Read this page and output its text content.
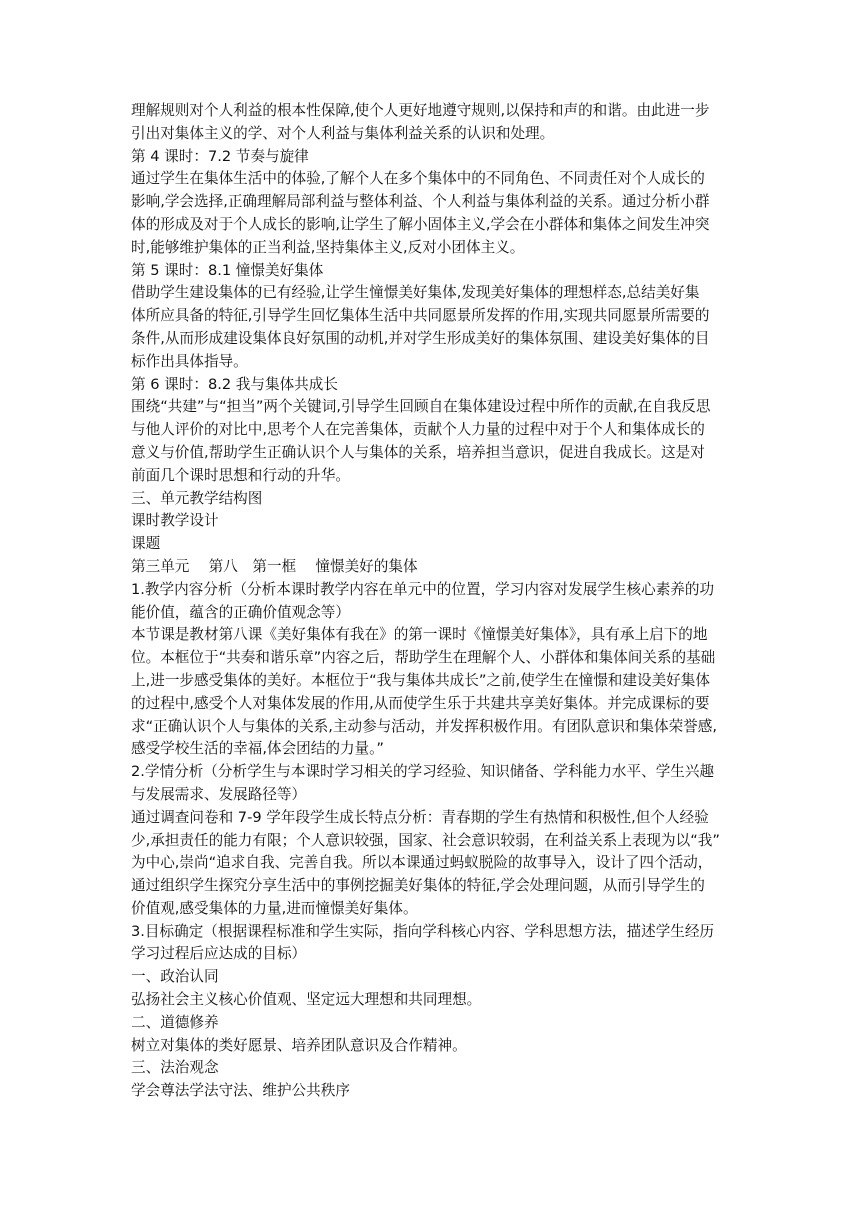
理解规则对个人利益的根本性保障,使个人更好地遵守规则,以保持和声的和谐。由此进一步
引出对集体主义的学、对个人利益与集体利益关系的认识和处理。
第 4 课时：7.2 节奏与旋律
通过学生在集体生活中的体验,了解个人在多个集体中的不同角色、不同责任对个人成长的
影响,学会选择,正确理解局部利益与整体利益、个人利益与集体利益的关系。通过分析小群
体的形成及对于个人成长的影响,让学生了解小固体主义,学会在小群体和集体之间发生冲突
时,能够维护集体的正当利益,坚持集体主义,反对小团体主义。
第 5 课时：8.1 憧憬美好集体
借助学生建设集体的已有经验,让学生憧憬美好集体,发现美好集体的理想样态,总结美好集
体所应具备的特征,引导学生回忆集体生活中共同愿景所发挥的作用,实现共同愿景所需要的
条件,从而形成建设集体良好氛围的动机,并对学生形成美好的集体氛围、建设美好集体的目
标作出具体指导。
第 6 课时：8.2 我与集体共成长
围绕“共建”与“担当”两个关键词,引导学生回顾自在集体建设过程中所作的贡献,在自我反思
与他人评价的对比中,思考个人在完善集体，贡献个人力量的过程中对于个人和集体成长的
意义与价值,帮助学生正确认识个人与集体的关系，培养担当意识，促进自我成长。这是对
前面几个课时思想和行动的升华。
三、单元教学结构图
课时教学设计
课题
第三单元　 第八　第一框　 憧憬美好的集体
1.教学内容分析（分析本课时教学内容在单元中的位置，学习内容对发展学生核心素养的功
能价值，蕴含的正确价值观念等）
本节课是教材第八课《美好集体有我在》的第一课时《憧憬美好集体》，具有承上启下的地
位。本框位于“共奏和谐乐章”内容之后，帮助学生在理解个人、小群体和集体间关系的基础
上,进一步感受集体的美好。本框位于“我与集体共成长”之前,使学生在憧憬和建设美好集体
的过程中,感受个人对集体发展的作用,从而使学生乐于共建共享美好集体。并完成课标的要
求“正确认识个人与集体的关系,主动参与活动，并发挥积极作用。有团队意识和集体荣誉感,
感受学校生活的幸福,体会团结的力量。”
2.学情分析（分析学生与本课时学习相关的学习经验、知识储备、学科能力水平、学生兴趣
与发展需求、发展路径等）
通过调查问卷和 7-9 学年段学生成长特点分析：青春期的学生有热情和积极性,但个人经验
少,承担责任的能力有限；个人意识较强，国家、社会意识较弱，在利益关系上表现为以“我”
为中心,崇尚“追求自我、完善自我。所以本课通过蚂蚁脱险的故事导入，设计了四个活动，
通过组织学生探究分享生活中的事例挖掘美好集体的特征,学会处理问题，从而引导学生的
价值观,感受集体的力量,进而憧憬美好集体。
3.目标确定（根据课程标准和学生实际，指向学科核心内容、学科思想方法，描述学生经历
学习过程后应达成的目标）
一、政治认同
弘扬社会主义核心价值观、坚定远大理想和共同理想。
二、道德修养
树立对集体的类好愿景、培养团队意识及合作精神。
三、法治观念
学会尊法学法守法、维护公共秩序
